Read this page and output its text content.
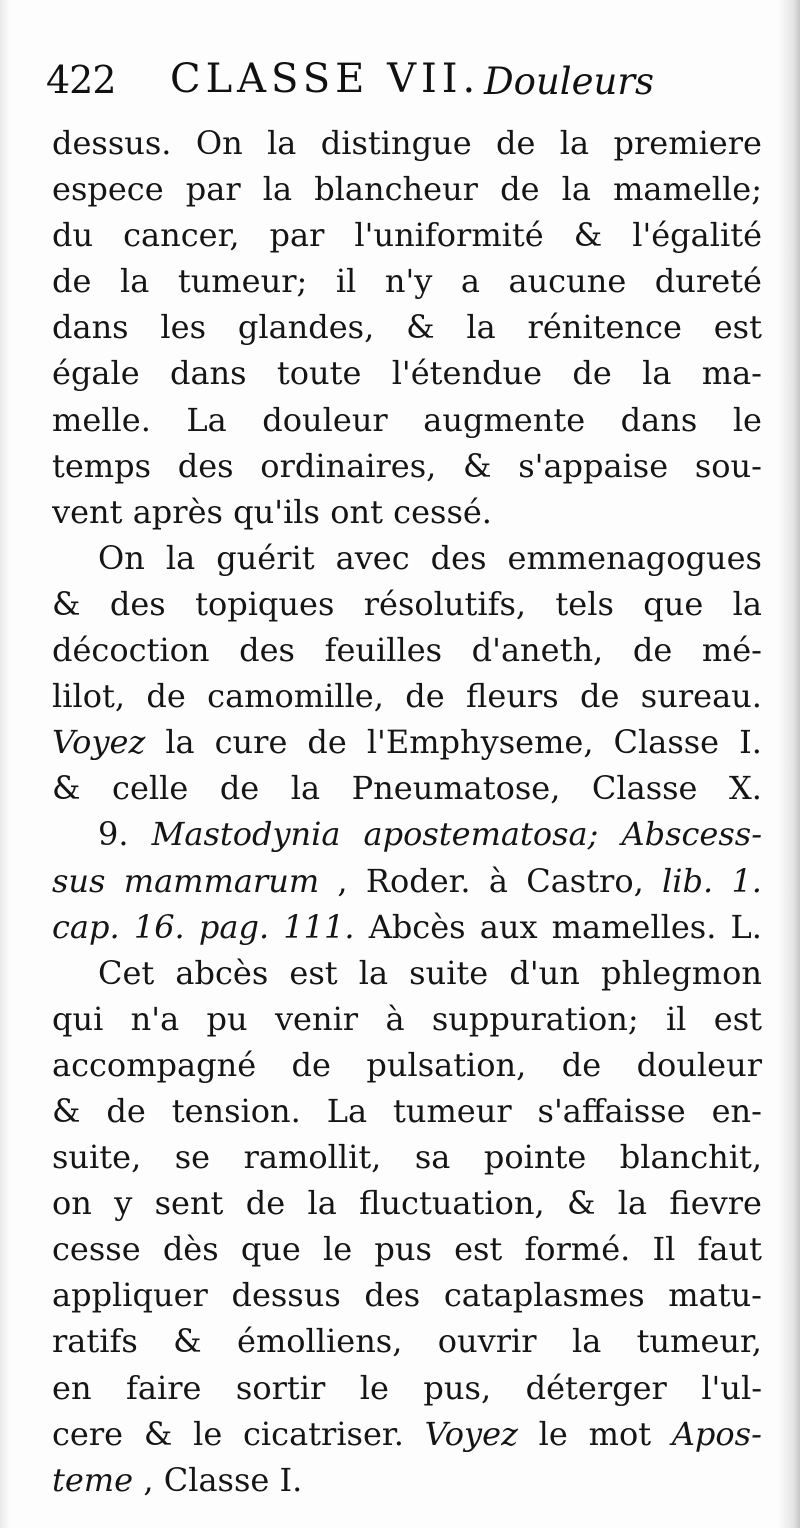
422 CLASSE VII. Douleurs
dessus. On la distingue de la premiere
espece par la blancheur de la mamelle;
du cancer, par l'uniformité & l'égalité
de la tumeur; il n'y a aucune dureté
dans les glandes, & la rénitence est
égale dans toute l'étendue de la ma-
melle. La douleur augmente dans le
temps des ordinaires, & s'appaise sou-
vent après qu'ils ont cessé.
On la guérit avec des emmenagogues
& des topiques résolutifs, tels que la
décoction des feuilles d'aneth, de mé-
lilot, de camomille, de fleurs de sureau.
Voyez la cure de l'Emphyseme, Classe I.
& celle de la Pneumatose, Classe X.
9. Mastodynia apostematosa; Abscess-
sus mammarum , Roder. à Castro, lib. 1.
cap. 16. pag. 111. Abcès aux mamelles. L.
Cet abcès est la suite d'un phlegmon
qui n'a pu venir à suppuration; il est
accompagné de pulsation, de douleur
& de tension. La tumeur s'affaisse en-
suite, se ramollit, sa pointe blanchit,
on y sent de la fluctuation, & la fievre
cesse dès que le pus est formé. Il faut
appliquer dessus des cataplasmes matu-
ratifs & émolliens, ouvrir la tumeur,
en faire sortir le pus, déterger l'ul-
cere & le cicatriser. Voyez le mot Apos-
teme , Classe I.
